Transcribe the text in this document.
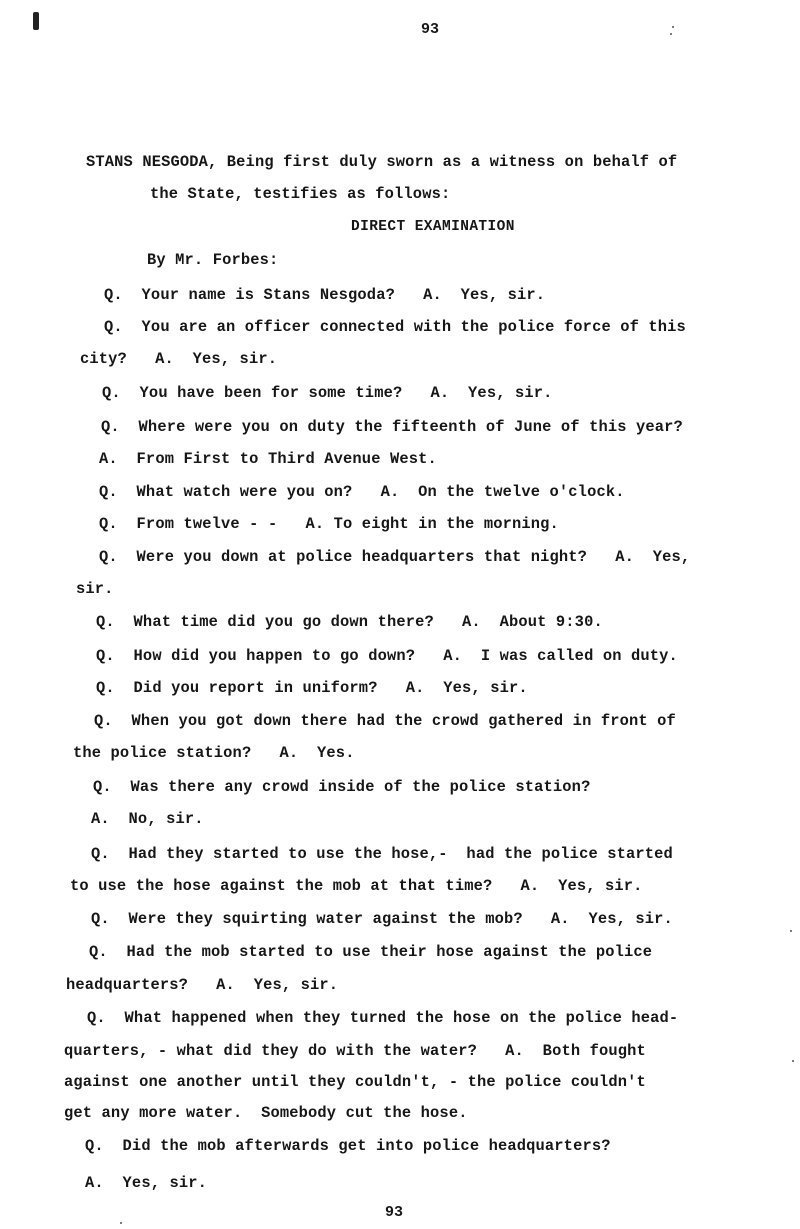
93
STANS NESGODA, Being first duly sworn as a witness on behalf of
the State, testifies as follows:
DIRECT EXAMINATION
By Mr. Forbes:
Q.  Your name is Stans Nesgoda?   A.  Yes, sir.
Q.  You are an officer connected with the police force of this
city?   A.  Yes, sir.
Q.  You have been for some time?   A.  Yes, sir.
Q.  Where were you on duty the fifteenth of June of this year?
A.  From First to Third Avenue West.
Q.  What watch were you on?   A.  On the twelve o'clock.
Q.  From twelve - -   A. To eight in the morning.
Q.  Were you down at police headquarters that night?   A.  Yes,
sir.
Q.  What time did you go down there?   A.  About 9:30.
Q.  How did you happen to go down?   A.  I was called on duty.
Q.  Did you report in uniform?   A.  Yes, sir.
Q.  When you got down there had the crowd gathered in front of
the police station?   A.  Yes.
Q.  Was there any crowd inside of the police station?
A.  No, sir.
Q.  Had they started to use the hose,-  had the police started
to use the hose against the mob at that time?   A.  Yes, sir.
Q.  Were they squirting water against the mob?   A.  Yes, sir.
Q.  Had the mob started to use their hose against the police
headquarters?   A.  Yes, sir.
Q.  What happened when they turned the hose on the police head-
quarters, - what did they do with the water?   A.  Both fought
against one another until they couldn't, - the police couldn't
get any more water.  Somebody cut the hose.
Q.  Did the mob afterwards get into police headquarters?
A.  Yes, sir.
93
